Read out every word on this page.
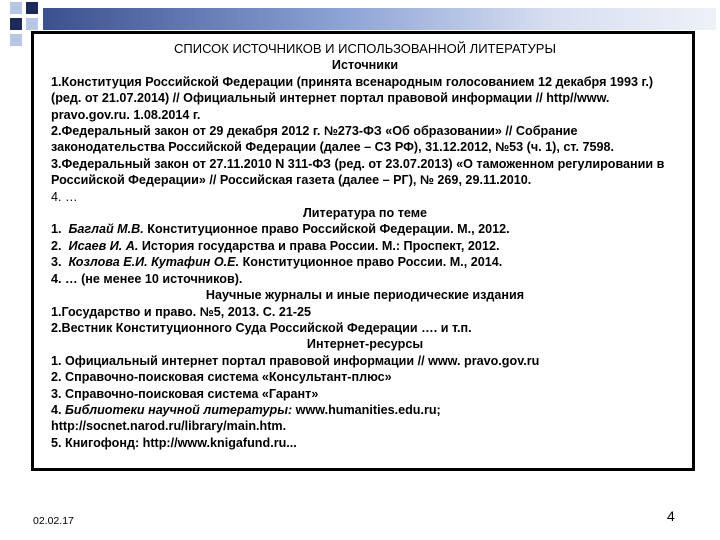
СПИСОК ИСТОЧНИКОВ И ИСПОЛЬЗОВАННОЙ ЛИТЕРАТУРЫ

Источники

1.Конституция Российской Федерации (принята всенародным голосованием 12 декабря 1993 г.) (ред. от 21.07.2014) // Официальный интернет портал правовой информации // http//www. pravo.gov.ru. 1.08.2014 г.

2.Федеральный закон от 29 декабря 2012 г. №273-ФЗ «Об образовании» // Собрание законодательства Российской Федерации (далее – СЗ РФ), 31.12.2012, №53 (ч. 1), ст. 7598.

3.Федеральный закон от 27.11.2010 N 311-ФЗ (ред. от 23.07.2013) «О таможенном регулировании в Российской Федерации» // Российская газета (далее – РГ), № 269, 29.11.2010.

4. …

Литература по теме

1. Баглай М.В. Конституционное право Российской Федерации. М., 2012.

2. Исаев И. А. История государства и права России. М.: Проспект, 2012.

3. Козлова Е.И. Кутафин О.Е. Конституционное право России. М., 2014.

4. … (не менее 10 источников).

Научные журналы и иные периодические издания

1.Государство и право. №5, 2013. С. 21-25

2.Вестник Конституционного Суда Российской Федерации …. и т.п.

Интернет-ресурсы

1. Официальный интернет портал правовой информации // www. pravo.gov.ru

2. Справочно-поисковая система «Консультант-плюс»

3. Справочно-поисковая система «Гарант»

4. Библиотеки научной литературы: www.humanities.edu.ru; http://socnet.narod.ru/library/main.htm.

5. Книгофонд: http://www.knigafund.ru...

02.02.17	4
